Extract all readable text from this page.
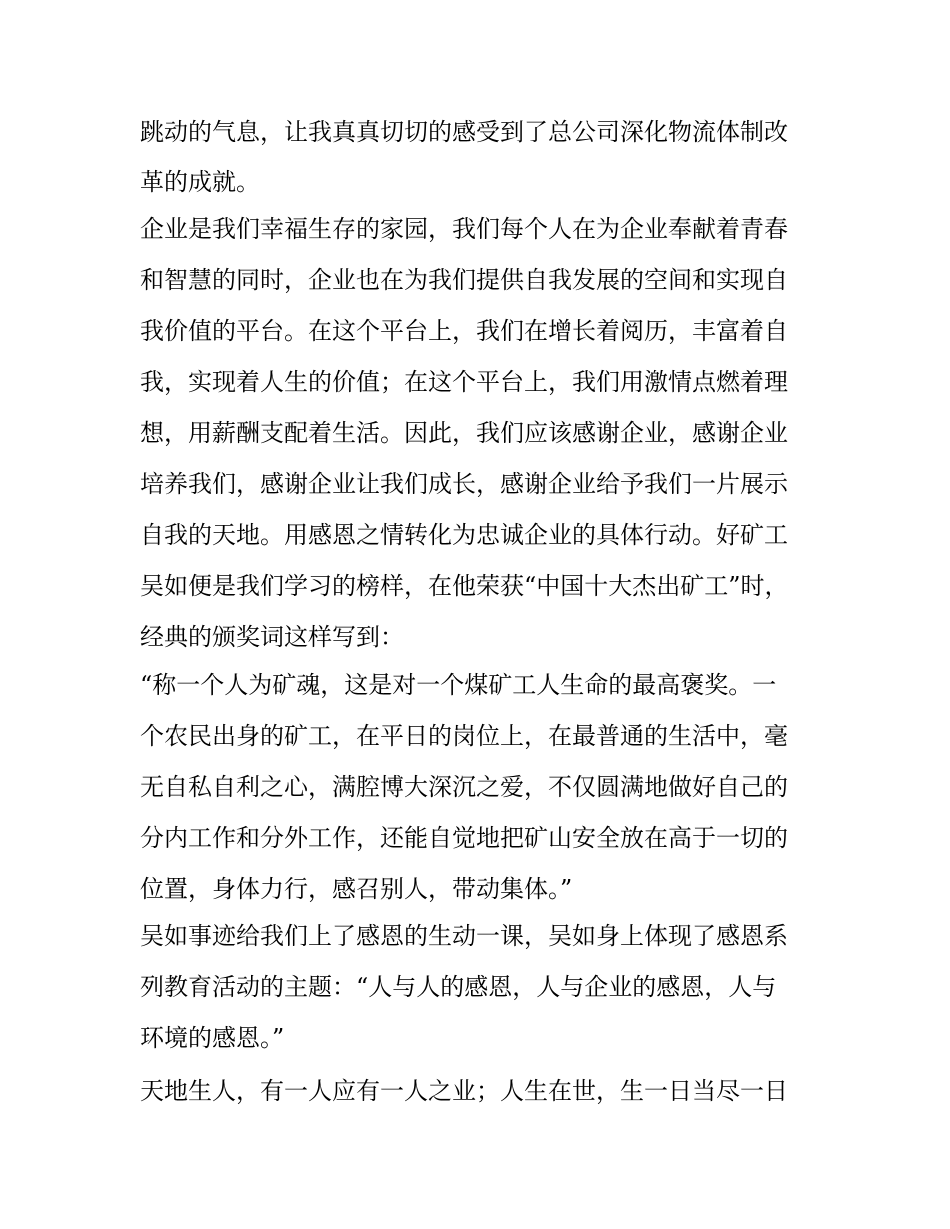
跳动的气息，让我真真切切的感受到了总公司深化物流体制改

革的成就。

企业是我们幸福生存的家园，我们每个人在为企业奉献着青春

和智慧的同时，企业也在为我们提供自我发展的空间和实现自

我价值的平台。在这个平台上，我们在增长着阅历，丰富着自

我，实现着人生的价值；在这个平台上，我们用激情点燃着理

想，用薪酬支配着生活。因此，我们应该感谢企业，感谢企业

培养我们，感谢企业让我们成长，感谢企业给予我们一片展示

自我的天地。用感恩之情转化为忠诚企业的具体行动。好矿工

吴如便是我们学习的榜样，在他荣获“中国十大杰出矿工”时，

经典的颁奖词这样写到：

“称一个人为矿魂，这是对一个煤矿工人生命的最高褒奖。一

个农民出身的矿工，在平日的岗位上，在最普通的生活中，毫

无自私自利之心，满腔博大深沉之爱，不仅圆满地做好自己的

分内工作和分外工作，还能自觉地把矿山安全放在高于一切的

位置，身体力行，感召别人，带动集体。”

吴如事迹给我们上了感恩的生动一课，吴如身上体现了感恩系

列教育活动的主题：“人与人的感恩，人与企业的感恩，人与

环境的感恩。”

天地生人，有一人应有一人之业；人生在世，生一日当尽一日
